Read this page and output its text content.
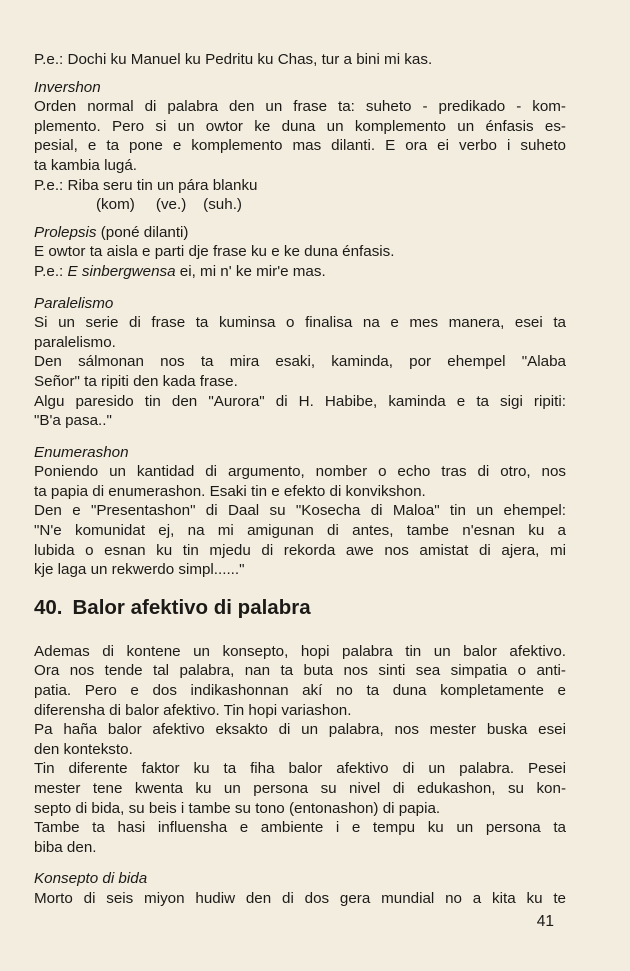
P.e.: Dochi ku Manuel ku Pedritu ku Chas, tur a bini mi kas.
Invershon
Orden normal di palabra den un frase ta: suheto - predikado - kom-
plemento. Pero si un owtor ke duna un komplemento un énfasis es-
pesial, e ta pone e komplemento mas dilanti. E ora ei verbo i suheto
ta kambia lugá.
P.e.:
Riba seru tin un pára blanku
(kom)     (ve.)    (suh.)
Prolepsis (poné dilanti)
E owtor ta aisla e parti dje frase ku e ke duna énfasis.
P.e.: E sinbergwensa ei, mi n' ke mir'e mas.
Paralelismo
Si un serie di frase ta kuminsa o finalisa na e mes manera, esei ta
paralelismo.
Den sálmonan nos ta mira esaki, kaminda, por ehempel "Alaba
Señor" ta ripiti den kada frase.
Algu paresido tin den "Aurora" di H. Habibe, kaminda e ta sigi ripiti:
"B'a pasa.."
Enumerashon
Poniendo un kantidad di argumento, nomber o echo tras di otro, nos
ta papia di enumerashon. Esaki tin e efekto di konvikshon.
Den e "Presentashon" di Daal su "Kosecha di Maloa" tin un ehempel:
"N'e komunidat ej, na mi amigunan di antes, tambe n'esnan ku a
lubida o esnan ku tin mjedu di rekorda awe nos amistat di ajera, mi
kje laga un rekwerdo simpl......"
40. Balor afektivo di palabra
Ademas di kontene un konsepto, hopi palabra tin un balor afektivo.
Ora nos tende tal palabra, nan ta buta nos sinti sea simpatia o anti-
patia. Pero e dos indikashonnan akí no ta duna kompletamente e
diferensha di balor afektivo. Tin hopi variashon.
Pa haña balor afektivo eksakto di un palabra, nos mester buska esei
den konteksto.
Tin diferente faktor ku ta fiha balor afektivo di un palabra. Pesei
mester tene kwenta ku un persona su nivel di edukashon, su kon-
septo di bida, su beis i tambe su tono (entonashon) di papia.
Tambe ta hasi influensha e ambiente i e tempu ku un persona ta
biba den.
Konsepto di bida
Morto di seis miyon hudiw den di dos gera mundial no a kita ku te
41
